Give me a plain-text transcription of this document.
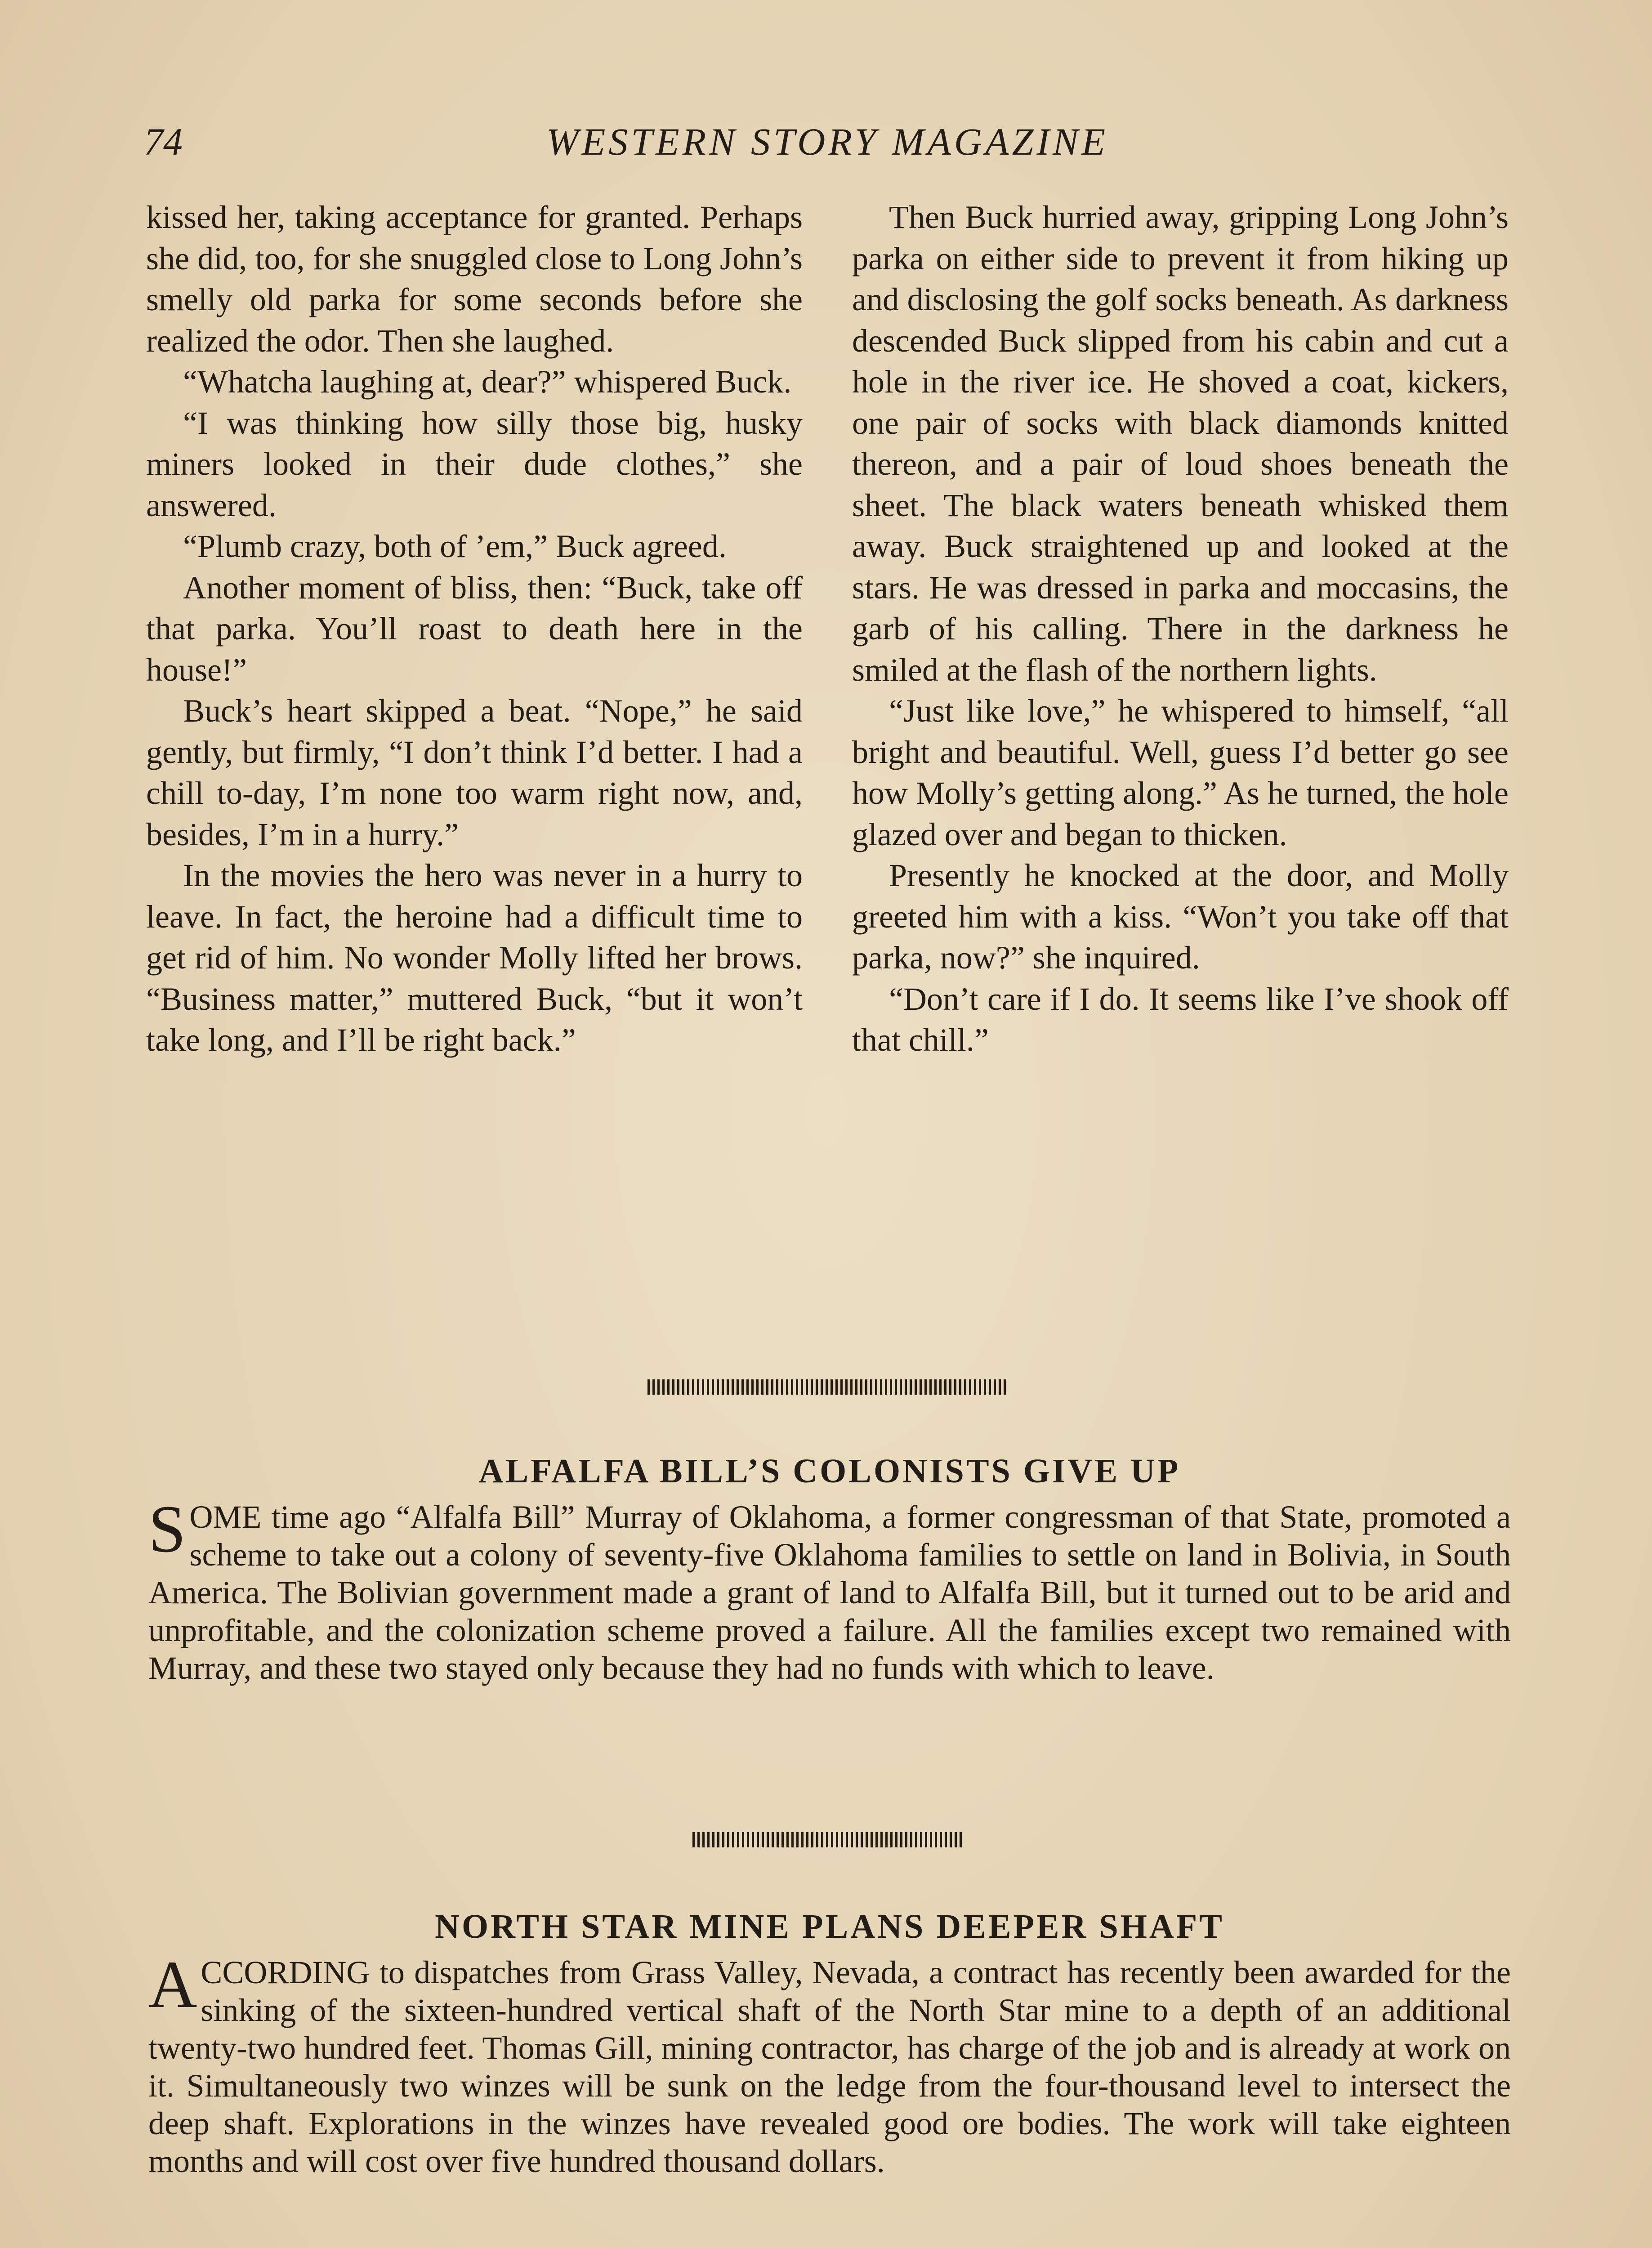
74	WESTERN STORY MAGAZINE

kissed her, taking acceptance for granted. Perhaps she did, too, for she snuggled close to Long John’s smelly old parka for some seconds before she realized the odor. Then she laughed.

“Whatcha laughing at, dear?” whispered Buck.

“I was thinking how silly those big, husky miners looked in their dude clothes,” she answered.

“Plumb crazy, both of ’em,” Buck agreed.

Another moment of bliss, then: “Buck, take off that parka. You’ll roast to death here in the house!”

Buck’s heart skipped a beat. “Nope,” he said gently, but firmly, “I don’t think I’d better. I had a chill to-day, I’m none too warm right now, and, besides, I’m in a hurry.”

In the movies the hero was never in a hurry to leave. In fact, the heroine had a difficult time to get rid of him. No wonder Molly lifted her brows. “Business matter,” muttered Buck, “but it won’t take long, and I’ll be right back.”

Then Buck hurried away, gripping Long John’s parka on either side to prevent it from hiking up and disclosing the golf socks beneath. As darkness descended Buck slipped from his cabin and cut a hole in the river ice. He shoved a coat, kickers, one pair of socks with black diamonds knitted thereon, and a pair of loud shoes beneath the sheet. The black waters beneath whisked them away. Buck straightened up and looked at the stars. He was dressed in parka and moccasins, the garb of his calling. There in the darkness he smiled at the flash of the northern lights.

“Just like love,” he whispered to himself, “all bright and beautiful. Well, guess I’d better go see how Molly’s getting along.” As he turned, the hole glazed over and began to thicken.

Presently he knocked at the door, and Molly greeted him with a kiss. “Won’t you take off that parka, now?” she inquired.

“Don’t care if I do. It seems like I’ve shook off that chill.”

ALFALFA BILL’S COLONISTS GIVE UP

SOME time ago “Alfalfa Bill” Murray of Oklahoma, a former congressman of that State, promoted a scheme to take out a colony of seventy-five Oklahoma families to settle on land in Bolivia, in South America. The Bolivian government made a grant of land to Alfalfa Bill, but it turned out to be arid and unprofitable, and the colonization scheme proved a failure. All the families except two remained with Murray, and these two stayed only because they had no funds with which to leave.

NORTH STAR MINE PLANS DEEPER SHAFT

ACCORDING to dispatches from Grass Valley, Nevada, a contract has recently been awarded for the sinking of the sixteen-hundred vertical shaft of the North Star mine to a depth of an additional twenty-two hundred feet. Thomas Gill, mining contractor, has charge of the job and is already at work on it. Simultaneously two winzes will be sunk on the ledge from the four-thousand level to intersect the deep shaft. Explorations in the winzes have revealed good ore bodies. The work will take eighteen months and will cost over five hundred thousand dollars.
